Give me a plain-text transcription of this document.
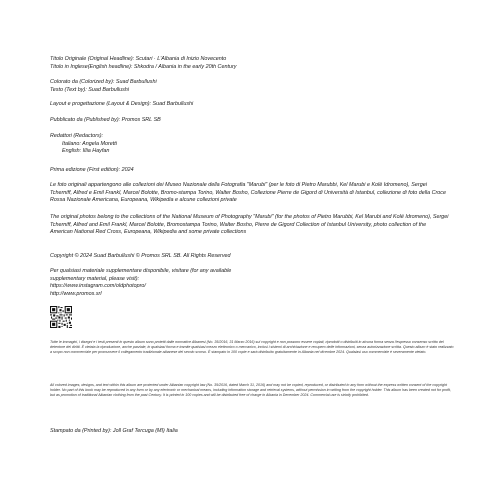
Titolo Originale (Original Headline): Scutari · L'Albania di Inizio Novecento
Titolo in Inglese(English headline): Shkodra / Albania in the early 20th Century
Colorato da (Colorized by): Suad Barbullushi
Testo (Text by): Suad Barbullushi
Layout e progettazione (Layout & Design): Suad Barbullushi
Pubblicato da (Published by): Promos SRL SB
Redattori (Redactors):
Italiano: Angela Moretti
English: Illia Hayfan
Prima edizione (First edition): 2024
Le foto originali appartengono alle collezioni dei Museo Nazionale della Fotografia "Marubi" (per le foto di Pietro Marubbi, Kel Marubi e Kolë Idromeno), Sergei Tcherniff, Alfred e Emil Frankl, Marcel Bolotte, Bromo-stampa Torino, Walter Bosho, Collezione Pierre de Gigord di Università di Istanbul, collezione di foto della Croce Rossa Nazionale Americana, Europeana, Wikipedia e alcune collezioni private
The original photos belong to the collections of the National Museum of Photography "Marubi" (for the photos of Pietro Marubbi, Kel Marubi and Kolë Idromeno), Sergei Tcherniff, Alfred and Emil Frankl, Marcel Bolotte, Bromostampa Torino, Walter Bosho, Pierre de Gigord Collection of Istanbul University, photo collection of the American National Red Cross, Europeana, Wikipedia and some private collections
Copyright © 2024 Suad Barbullushi © Promos SRL SB. All Rights Reserved
Per qualsiasi materiale supplementare disponibile, visitare (for any available
supplementary material, please visit):
https://www.instagram.com/oldphotopro/
http://www.promos.srl
Tutte le immagini, i disegni e i testi presenti in questo album sono protetti dalle normative Albanesi (No. 35/2016, 31 Marzo 2016) sul copyright e non possono essere copiati, riprodotti o distribuiti in alcuna forma senza l'espresso consenso scritto del detentore dei diritti. È vietata la riproduzione, anche parziale, in qualsiasi forma e tramite qualsiasi mezzo elettronico o meccanico, inclusi i sistemi di archiviazione e recupero delle informazioni, senza autorizzazione scritta. Questo album è stato realizzato a scopo non commerciale per promuovere il collegamento tradizionale albanese del secolo scorso. È stampato in 100 copie e sarà distribuito gratuitamente in Albania nel dicembre 2024. Qualsiasi uso commerciale è severamente vietato.
All colored images, designs, and text within this album are protected under Albanian copyright law (No. 35/2016, dated March 31, 2016) and may not be copied, reproduced, or distributed in any form without the express written consent of the copyright holder. No part of this book may be reproduced in any form or by any electronic or mechanical means, including information storage and retrieval systems, without permission in writing from the copyright holder. This album has been created not for profit, but as promotion of traditional Albanian clothing from the past Century. It is printed in 100 copies and will be distributed free of charge in Albania in December 2024. Commercial use is strictly prohibited.
Stampato da (Printed by): Joll Graf Tercuga (MI) Italia
